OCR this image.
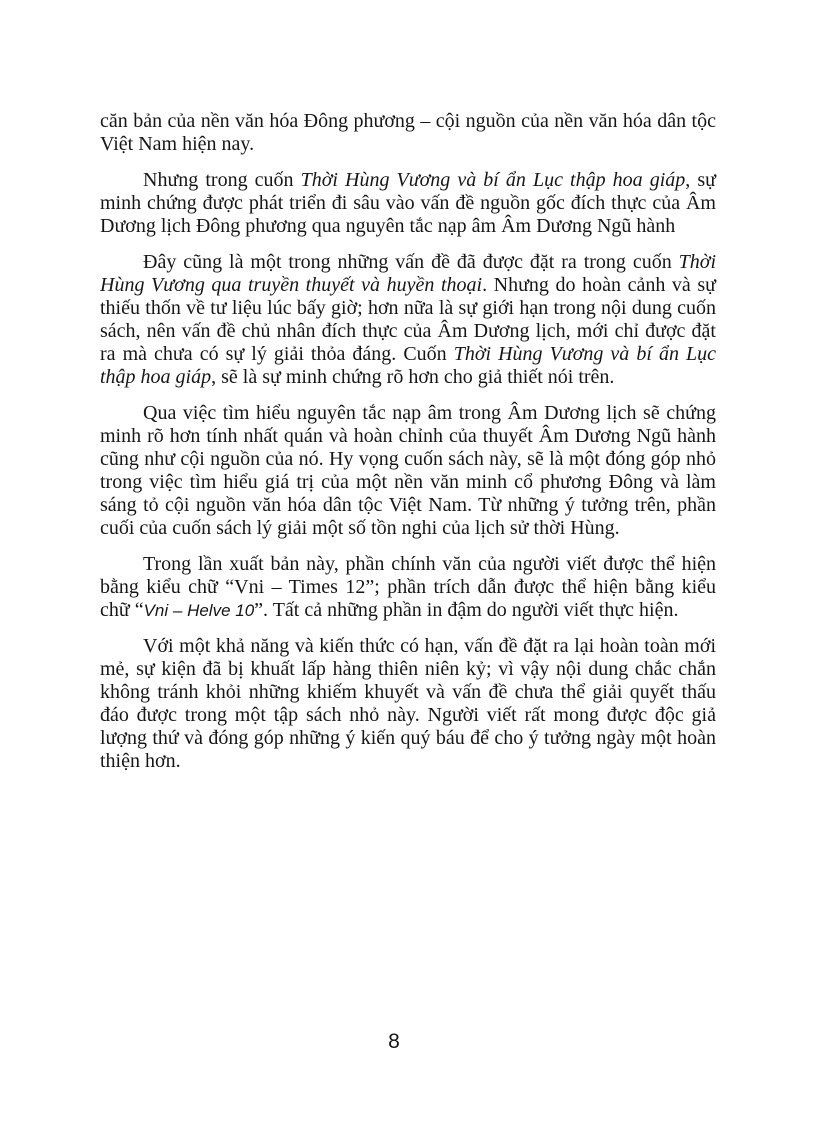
căn bản của nền văn hóa Đông phương – cội nguồn của nền văn hóa dân tộc Việt Nam hiện nay.

Nhưng trong cuốn Thời Hùng Vương và bí ẩn Lục thập hoa giáp, sự minh chứng được phát triển đi sâu vào vấn đề nguồn gốc đích thực của Âm Dương lịch Đông phương qua nguyên tắc nạp âm Âm Dương Ngũ hành

Đây cũng là một trong những vấn đề đã được đặt ra trong cuốn Thời Hùng Vương qua truyền thuyết và huyền thoại. Nhưng do hoàn cảnh và sự thiếu thốn về tư liệu lúc bấy giờ; hơn nữa là sự giới hạn trong nội dung cuốn sách, nên vấn đề chủ nhân đích thực của Âm Dương lịch, mới chỉ được đặt ra mà chưa có sự lý giải thỏa đáng. Cuốn Thời Hùng Vương và bí ẩn Lục thập hoa giáp, sẽ là sự minh chứng rõ hơn cho giả thiết nói trên.

Qua việc tìm hiểu nguyên tắc nạp âm trong Âm Dương lịch sẽ chứng minh rõ hơn tính nhất quán và hoàn chỉnh của thuyết Âm Dương Ngũ hành cũng như cội nguồn của nó. Hy vọng cuốn sách này, sẽ là một đóng góp nhỏ trong việc tìm hiểu giá trị của một nền văn minh cổ phương Đông và làm sáng tỏ cội nguồn văn hóa dân tộc Việt Nam. Từ những ý tưởng trên, phần cuối của cuốn sách lý giải một số tồn nghi của lịch sử thời Hùng.

Trong lần xuất bản này, phần chính văn của người viết được thể hiện bằng kiểu chữ “Vni – Times 12”; phần trích dẫn được thể hiện bằng kiểu chữ “Vni – Helve 10”. Tất cả những phần in đậm do người viết thực hiện.

Với một khả năng và kiến thức có hạn, vấn đề đặt ra lại hoàn toàn mới mẻ, sự kiện đã bị khuất lấp hàng thiên niên kỷ; vì vậy nội dung chắc chắn không tránh khỏi những khiếm khuyết và vấn đề chưa thể giải quyết thấu đáo được trong một tập sách nhỏ này. Người viết rất mong được độc giả lượng thứ và đóng góp những ý kiến quý báu để cho ý tưởng ngày một hoàn thiện hơn.

8
